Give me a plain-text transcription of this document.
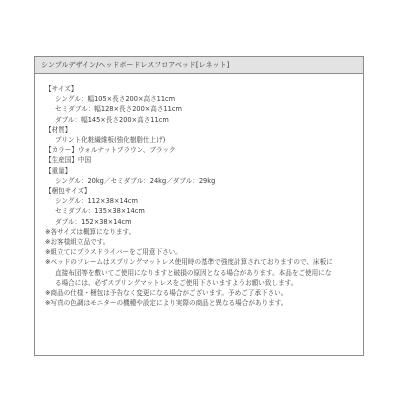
シンプルデザイン/ヘッドボードレスフロアベッド[レネット]
【サイズ】
シングル：幅105×長さ200×高さ11cm
セミダブル：幅128×長さ200×高さ11cm
ダブル：幅145×長さ200×高さ11cm
【材質】
プリント化粧繊維板(強化樹脂仕上げ)
【カラー】ウォルナットブラウン、ブラック
【生産国】中国
【重量】
シングル：20kg／セミダブル：24kg／ダブル：29kg
【梱包サイズ】
シングル：112×38×14cm
セミダブル：135×38×14cm
ダブル：152×38×14cm
※各サイズは概算になります。
※お客様組立品です。
※組立てにプラスドライバーをご用意下さい。
※ベッドのフレームはスプリングマットレス使用時の基準で強度計算されておりますので、床板に
直接布団等を敷いてご使用になりますと破損の原因となる場合があります。本品をご使用にな
る場合には、必ずスプリングマットレスをご使用下さいますようお願い致します。
※商品の仕様・梱包は予告なく変更になる場合がございます。予めご了承下さい。
※写真の色調はモニターの機種や設定により実際の商品と異なる場合があります。
